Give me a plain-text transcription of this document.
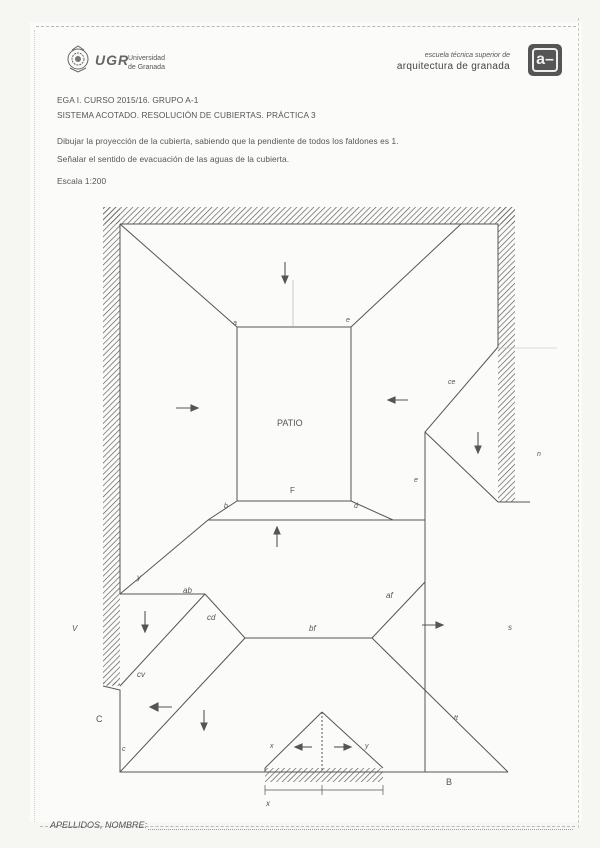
UGR
Universidad
de Granada
escuela técnica superior de
arquitectura de granada a–
EGA I. CURSO 2015/16. GRUPO A-1
SISTEMA ACOTADO. RESOLUCIÓN DE CUBIERTAS. PRÁCTICA 3
Dibujar la proyección de la cubierta, sabiendo que la pendiente de todos los faldones es 1.
Señalar el sentido de evacuación de las aguas de la cubierta.
Escala 1:200
PATIO
F
a	e
b	d
ce
e
y
ab
cd
af
bf
cv
V
C
c
tt
s
n
x	y
x
B
APELLIDOS, NOMBRE:
